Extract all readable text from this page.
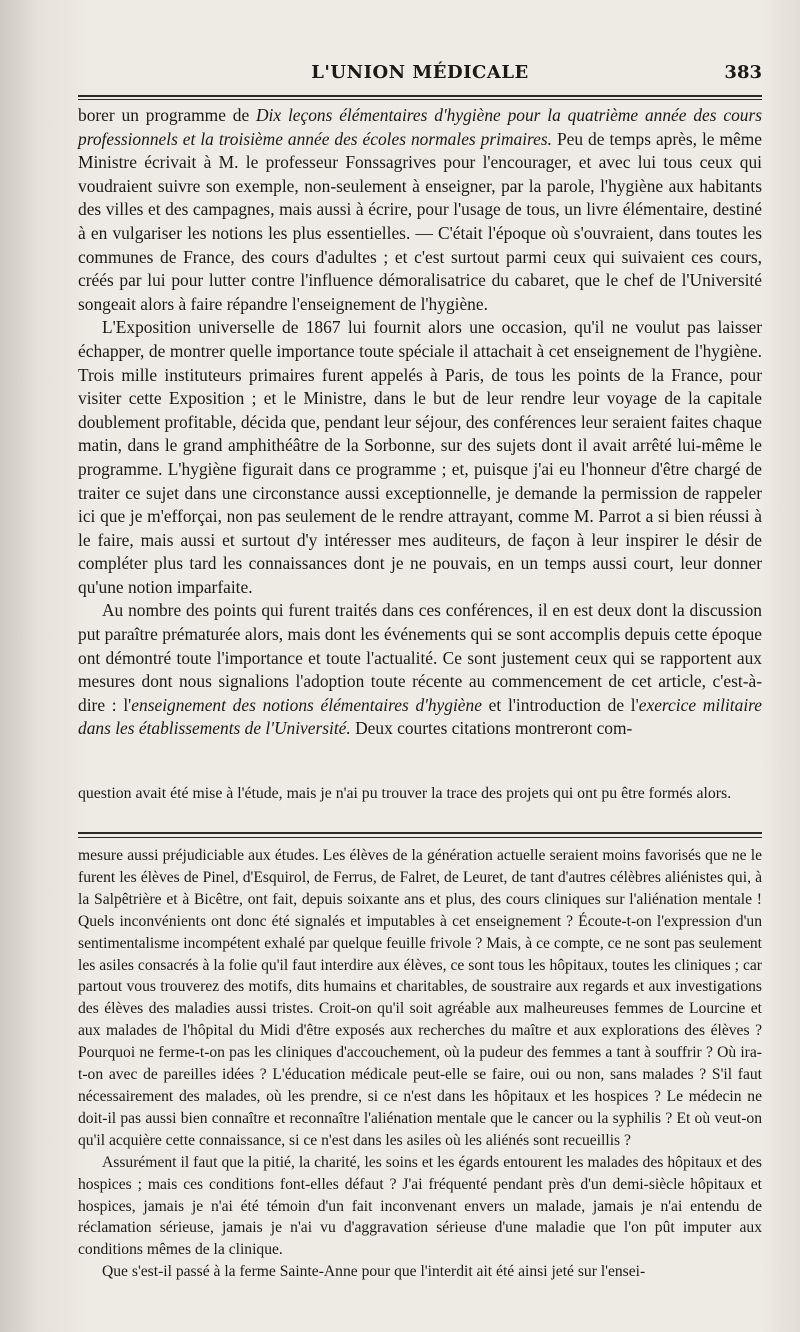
L'UNION MÉDICALE	383

borer un programme de Dix leçons élémentaires d'hygiène pour la quatrième année des cours professionnels et la troisième année des écoles normales primaires. Peu de temps après, le même Ministre écrivait à M. le professeur Fonssagrives pour l'encourager, et avec lui tous ceux qui voudraient suivre son exemple, non-seulement à enseigner, par la parole, l'hygiène aux habitants des villes et des campagnes, mais aussi à écrire, pour l'usage de tous, un livre élémentaire, destiné à en vulgariser les notions les plus essentielles. — C'était l'époque où s'ouvraient, dans toutes les communes de France, des cours d'adultes ; et c'est surtout parmi ceux qui suivaient ces cours, créés par lui pour lutter contre l'influence démoralisatrice du cabaret, que le chef de l'Université songeait alors à faire répandre l'enseignement de l'hygiène.

L'Exposition universelle de 1867 lui fournit alors une occasion, qu'il ne voulut pas laisser échapper, de montrer quelle importance toute spéciale il attachait à cet enseignement de l'hygiène. Trois mille instituteurs primaires furent appelés à Paris, de tous les points de la France, pour visiter cette Exposition ; et le Ministre, dans le but de leur rendre leur voyage de la capitale doublement profitable, décida que, pendant leur séjour, des conférences leur seraient faites chaque matin, dans le grand amphithéâtre de la Sorbonne, sur des sujets dont il avait arrêté lui-même le programme. L'hygiène figurait dans ce programme ; et, puisque j'ai eu l'honneur d'être chargé de traiter ce sujet dans une circonstance aussi exceptionnelle, je demande la permission de rappeler ici que je m'efforçai, non pas seulement de le rendre attrayant, comme M. Parrot a si bien réussi à le faire, mais aussi et surtout d'y intéresser mes auditeurs, de façon à leur inspirer le désir de compléter plus tard les connaissances dont je ne pouvais, en un temps aussi court, leur donner qu'une notion imparfaite.

Au nombre des points qui furent traités dans ces conférences, il en est deux dont la discussion put paraître prématurée alors, mais dont les événements qui se sont accomplis depuis cette époque ont démontré toute l'importance et toute l'actualité. Ce sont justement ceux qui se rapportent aux mesures dont nous signalions l'adoption toute récente au commencement de cet article, c'est-à-dire : l'enseignement des notions élémentaires d'hygiène et l'introduction de l'exercice militaire dans les établissements de l'Université. Deux courtes citations montreront com-

question avait été mise à l'étude, mais je n'ai pu trouver la trace des projets qui ont pu être formés alors.

mesure aussi préjudiciable aux études. Les élèves de la génération actuelle seraient moins favorisés que ne le furent les élèves de Pinel, d'Esquirol, de Ferrus, de Falret, de Leuret, de tant d'autres célèbres aliénistes qui, à la Salpêtrière et à Bicêtre, ont fait, depuis soixante ans et plus, des cours cliniques sur l'aliénation mentale ! Quels inconvénients ont donc été signalés et imputables à cet enseignement ? Écoute-t-on l'expression d'un sentimentalisme incompétent exhalé par quelque feuille frivole ? Mais, à ce compte, ce ne sont pas seulement les asiles consacrés à la folie qu'il faut interdire aux élèves, ce sont tous les hôpitaux, toutes les cliniques ; car partout vous trouverez des motifs, dits humains et charitables, de soustraire aux regards et aux investigations des élèves des maladies aussi tristes. Croit-on qu'il soit agréable aux malheureuses femmes de Lourcine et aux malades de l'hôpital du Midi d'être exposés aux recherches du maître et aux explorations des élèves ? Pourquoi ne ferme-t-on pas les cliniques d'accouchement, où la pudeur des femmes a tant à souffrir ? Où ira-t-on avec de pareilles idées ? L'éducation médicale peut-elle se faire, oui ou non, sans malades ? S'il faut nécessairement des malades, où les prendre, si ce n'est dans les hôpitaux et les hospices ? Le médecin ne doit-il pas aussi bien connaître et reconnaître l'aliénation mentale que le cancer ou la syphilis ? Et où veut-on qu'il acquière cette connaissance, si ce n'est dans les asiles où les aliénés sont recueillis ?

Assurément il faut que la pitié, la charité, les soins et les égards entourent les malades des hôpitaux et des hospices ; mais ces conditions font-elles défaut ? J'ai fréquenté pendant près d'un demi-siècle hôpitaux et hospices, jamais je n'ai été témoin d'un fait inconvenant envers un malade, jamais je n'ai entendu de réclamation sérieuse, jamais je n'ai vu d'aggravation sérieuse d'une maladie que l'on pût imputer aux conditions mêmes de la clinique.

Que s'est-il passé à la ferme Sainte-Anne pour que l'interdit ait été ainsi jeté sur l'ensei-
